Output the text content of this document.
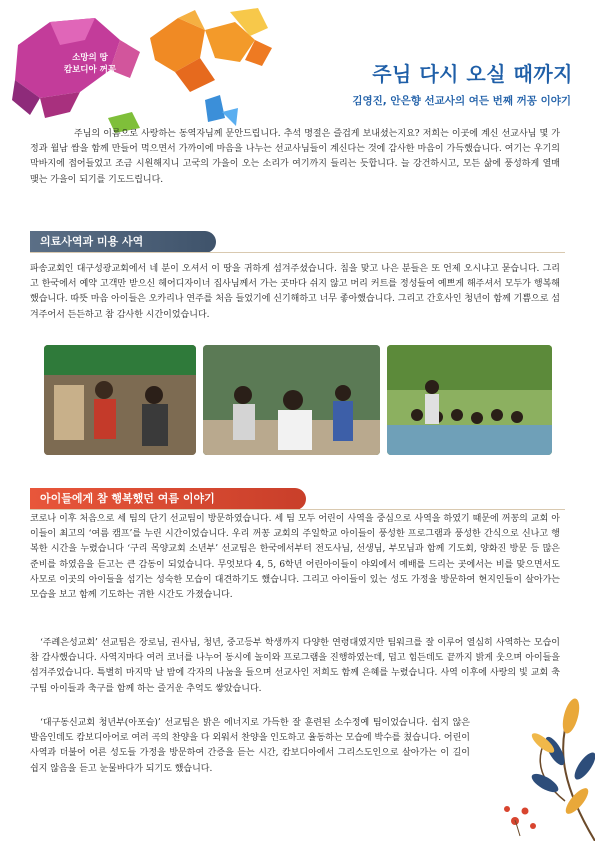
소망의 땅
캄보디아 꺼꽁	주님 다시 오실 때까지
김영진, 안은향 선교사의 여든 번째 꺼꽁 이야기

주님의 이름으로 사랑하는 동역자님께 문안드립니다. 추석 명절은 즐겁게 보내셨는지요? 저희는 이곳에 계신 선교사님 몇 가정과 월남 쌈을 함께 만들어 먹으면서 가까이에 마음을 나누는 선교사님들이 계신다는 것에 감사한 마음이 가득했습니다. 여기는 우기의 막바지에 접어들었고 조금 시원해지니 고국의 가을이 오는 소리가 여기까지 들리는 듯합니다. 늘 강건하시고, 모든 삶에 풍성하게 열매 맺는 가을이 되기를 기도드립니다.

의료사역과 미용 사역

파송교회인 대구성광교회에서 네 분이 오셔서 이 땅을 귀하게 섬겨주셨습니다. 침을 맞고 나은 분들은 또 언제 오시냐고 묻습니다. 그리고 한국에서 예약 고객만 받으신 헤어디자이너 집사님께서 가는 곳마다 쉬지 않고 머리 커트를 정성들여 예쁘게 해주셔서 모두가 행복해했습니다. 따뜻 마음 아이들은 오카리나 연주를 처음 들었기에 신기해하고 너무 좋아했습니다. 그리고 간호사인 청년이 함께 기쁨으로 섬겨주어서 든든하고 참 감사한 시간이었습니다.

아이들에게 참 행복했던 여름 이야기

코로나 이후 처음으로 세 팀의 단기 선교팀이 방문하였습니다. 세 팀 모두 어린이 사역을 중심으로 사역을 하였기 때문에 꺼꽁의 교회 아이들이 최고의 ‘여름 캠프’를 누린 시간이었습니다. 우리 꺼꽁 교회의 주일학교 아이들이 풍성한 프로그램과 풍성한 간식으로 신나고 행복한 시간을 누렸습니다 ‘구리 목양교회 소년부’ 선교팀은 한국에서부터 전도사님, 선생님, 부모님과 함께 기도회, 양화진 방문 등 많은 준비를 하였음을 듣고는 큰 감동이 되었습니다. 무엇보다 4, 5, 6학년 어린아이들이 야외에서 예배를 드리는 곳에서는 비를 맞으면서도 사모로 이곳의 아이들을 섬기는 성숙한 모습이 대견하기도 했습니다. 그리고 아이들이 있는 성도 가정을 방문하여 현지인들이 살아가는 모습을 보고 함께 기도하는 귀한 시간도 가졌습니다.

‘주례은성교회’ 선교팀은 장로님, 권사님, 청년, 중고등부 학생까지 다양한 연령대였지만 팀워크를 잘 이루어 열심히 사역하는 모습이 참 감사했습니다. 사역지마다 여러 코너를 나누어 동시에 놀이와 프로그램을 진행하였는데, 덥고 힘든데도 끝까지 밝게 웃으며 아이들을 섬겨주었습니다. 특별히 마지막 날 밤에 각자의 나눔을 들으며 선교사인 저희도 함께 은혜를 누렸습니다. 사역 이후에 사랑의 빛 교회 축구팀 아이들과 축구를 함께 하는 즐거운 추억도 쌓았습니다.

‘대구동신교회 청년부(아포슬)’ 선교팀은 밝은 에너지로 가득한 잘 훈련된 소수정예 팀이었습니다. 쉽지 않은 발음인데도 캄보디아어로 여러 곡의 찬양을 다 외워서 찬양을 인도하고 율동하는 모습에 박수를 쳤습니다. 어린이 사역과 더불어 어른 성도들 가정을 방문하여 간증을 듣는 시간, 캄보디아에서 그리스도인으로 살아가는 이 길이 쉽지 않음을 듣고 눈물바다가 되기도 했습니다.
